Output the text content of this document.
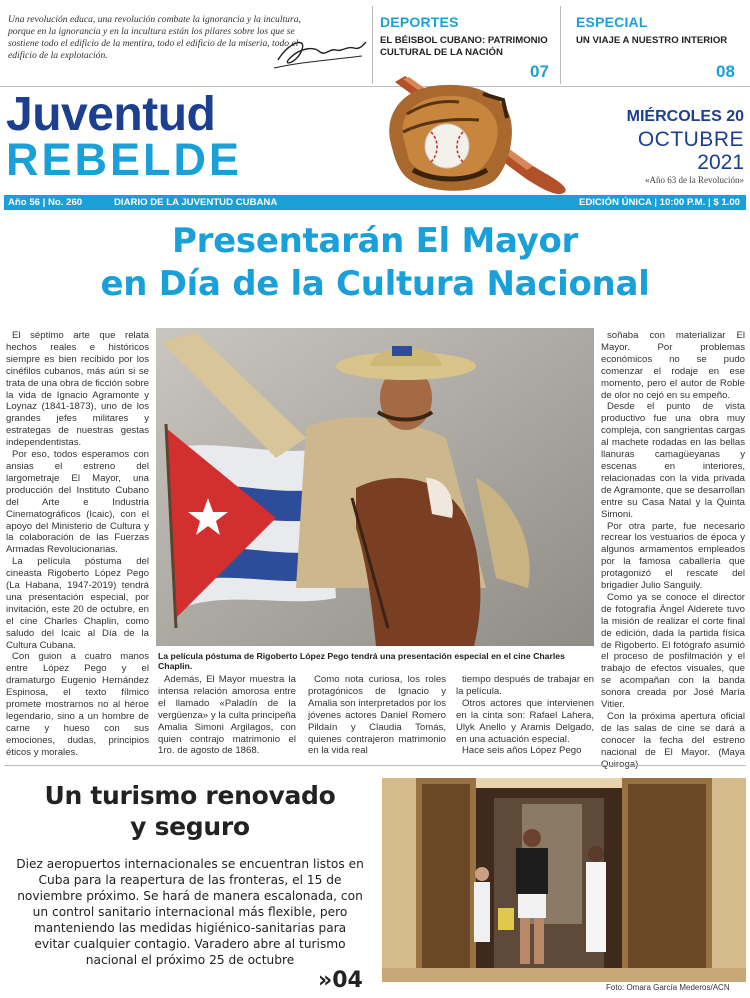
Una revolución educa, una revolución combate la ignorancia y la incultura, porque en la ignorancia y en la incultura están los pilares sobre los que se sostiene todo el edificio de la mentira, todo el edificio de la miseria, todo el edificio de la explotación.
DEPORTES
EL BÉISBOL CUBANO: PATRIMONIO CULTURAL DE LA NACIÓN
07
ESPECIAL
UN VIAJE A NUESTRO INTERIOR
08
Juventud
REBELDE
MIÉRCOLES 20
OCTUBRE
2021
«Año 63 de la Revolución»
Año 56 | No. 260	DIARIO DE LA JUVENTUD CUBANA	EDICIÓN ÚNICA | 10:00 P.M. | $ 1.00
Presentarán El Mayor
en Día de la Cultura Nacional

El séptimo arte que relata hechos reales e históricos siempre es bien recibido por los cinéfilos cubanos, más aún si se trata de una obra de ficción sobre la vida de Ignacio Agramonte y Loynaz (1841-1873), uno de los grandes jefes militares y estrategas de nuestras gestas independentistas.

Por eso, todos esperamos con ansias el estreno del largometraje El Mayor, una producción del Instituto Cubano del Arte e Industria Cinematográficos (Icaic), con el apoyo del Ministerio de Cultura y la colaboración de las Fuerzas Armadas Revolucionarias.

La película póstuma del cineasta Rigoberto López Pego (La Habana, 1947-2019) tendrá una presentación especial, por invitación, este 20 de octubre, en el cine Charles Chaplin, como saludo del Icaic al Día de la Cultura Cubana.

Con guion a cuatro manos entre López Pego y el dramaturgo Eugenio Hernández Espinosa, el texto fílmico promete mostrarnos no al héroe legendario, sino a un hombre de carne y hueso con sus emociones, dudas, principios éticos y morales.

La película póstuma de Rigoberto López Pego tendrá una presentación especial en el cine Charles Chaplin.

Además, El Mayor muestra la intensa relación amorosa entre el llamado «Paladín de la vergüenza» y la culta principeña Amalia Simoni Argilagos, con quien contrajo matrimonio el 1ro. de agosto de 1868.

Como nota curiosa, los roles protagónicos de Ignacio y Amalia son interpretados por los jóvenes actores Daniel Romero Pildaín y Claudia Tomás, quienes contrajeron matrimonio en la vida real

tiempo después de trabajar en la película.

Otros actores que intervienen en la cinta son: Rafael Lahera, Ulyk Anello y Aramis Delgado, en una actuación especial.

Hace seis años López Pego

soñaba con materializar El Mayor. Por problemas económicos no se pudo comenzar el rodaje en ese momento, pero el autor de Roble de olor no cejó en su empeño.

Desde el punto de vista productivo fue una obra muy compleja, con sangrientas cargas al machete rodadas en las bellas llanuras camagüeyanas y escenas en interiores, relacionadas con la vida privada de Agramonte, que se desarrollan entre su Casa Natal y la Quinta Simoni.

Por otra parte, fue necesario recrear los vestuarios de época y algunos armamentos empleados por la famosa caballería que protagonizó el rescate del brigadier Julio Sanguily.

Como ya se conoce el director de fotografía Ángel Alderete tuvo la misión de realizar el corte final de edición, dada la partida física de Rigoberto. El fotógrafo asumió el proceso de posfilmación y el trabajo de efectos visuales, que se acompañan con la banda sonora creada por José María Vitier.

Con la próxima apertura oficial de las salas de cine se dará a conocer la fecha del estreno nacional de El Mayor. (Maya

Un turismo renovado
y seguro
Diez aeropuertos internacionales se encuentran listos en Cuba para la reapertura de las fronteras, el 15 de noviembre próximo. Se hará de manera escalonada, con un control sanitario internacional más flexible, pero manteniendo las medidas higiénico-sanitarias para evitar cualquier contagio. Varadero abre al turismo nacional el próximo 25 de octubre
»04	Foto: Omara García Mederos/ACN
